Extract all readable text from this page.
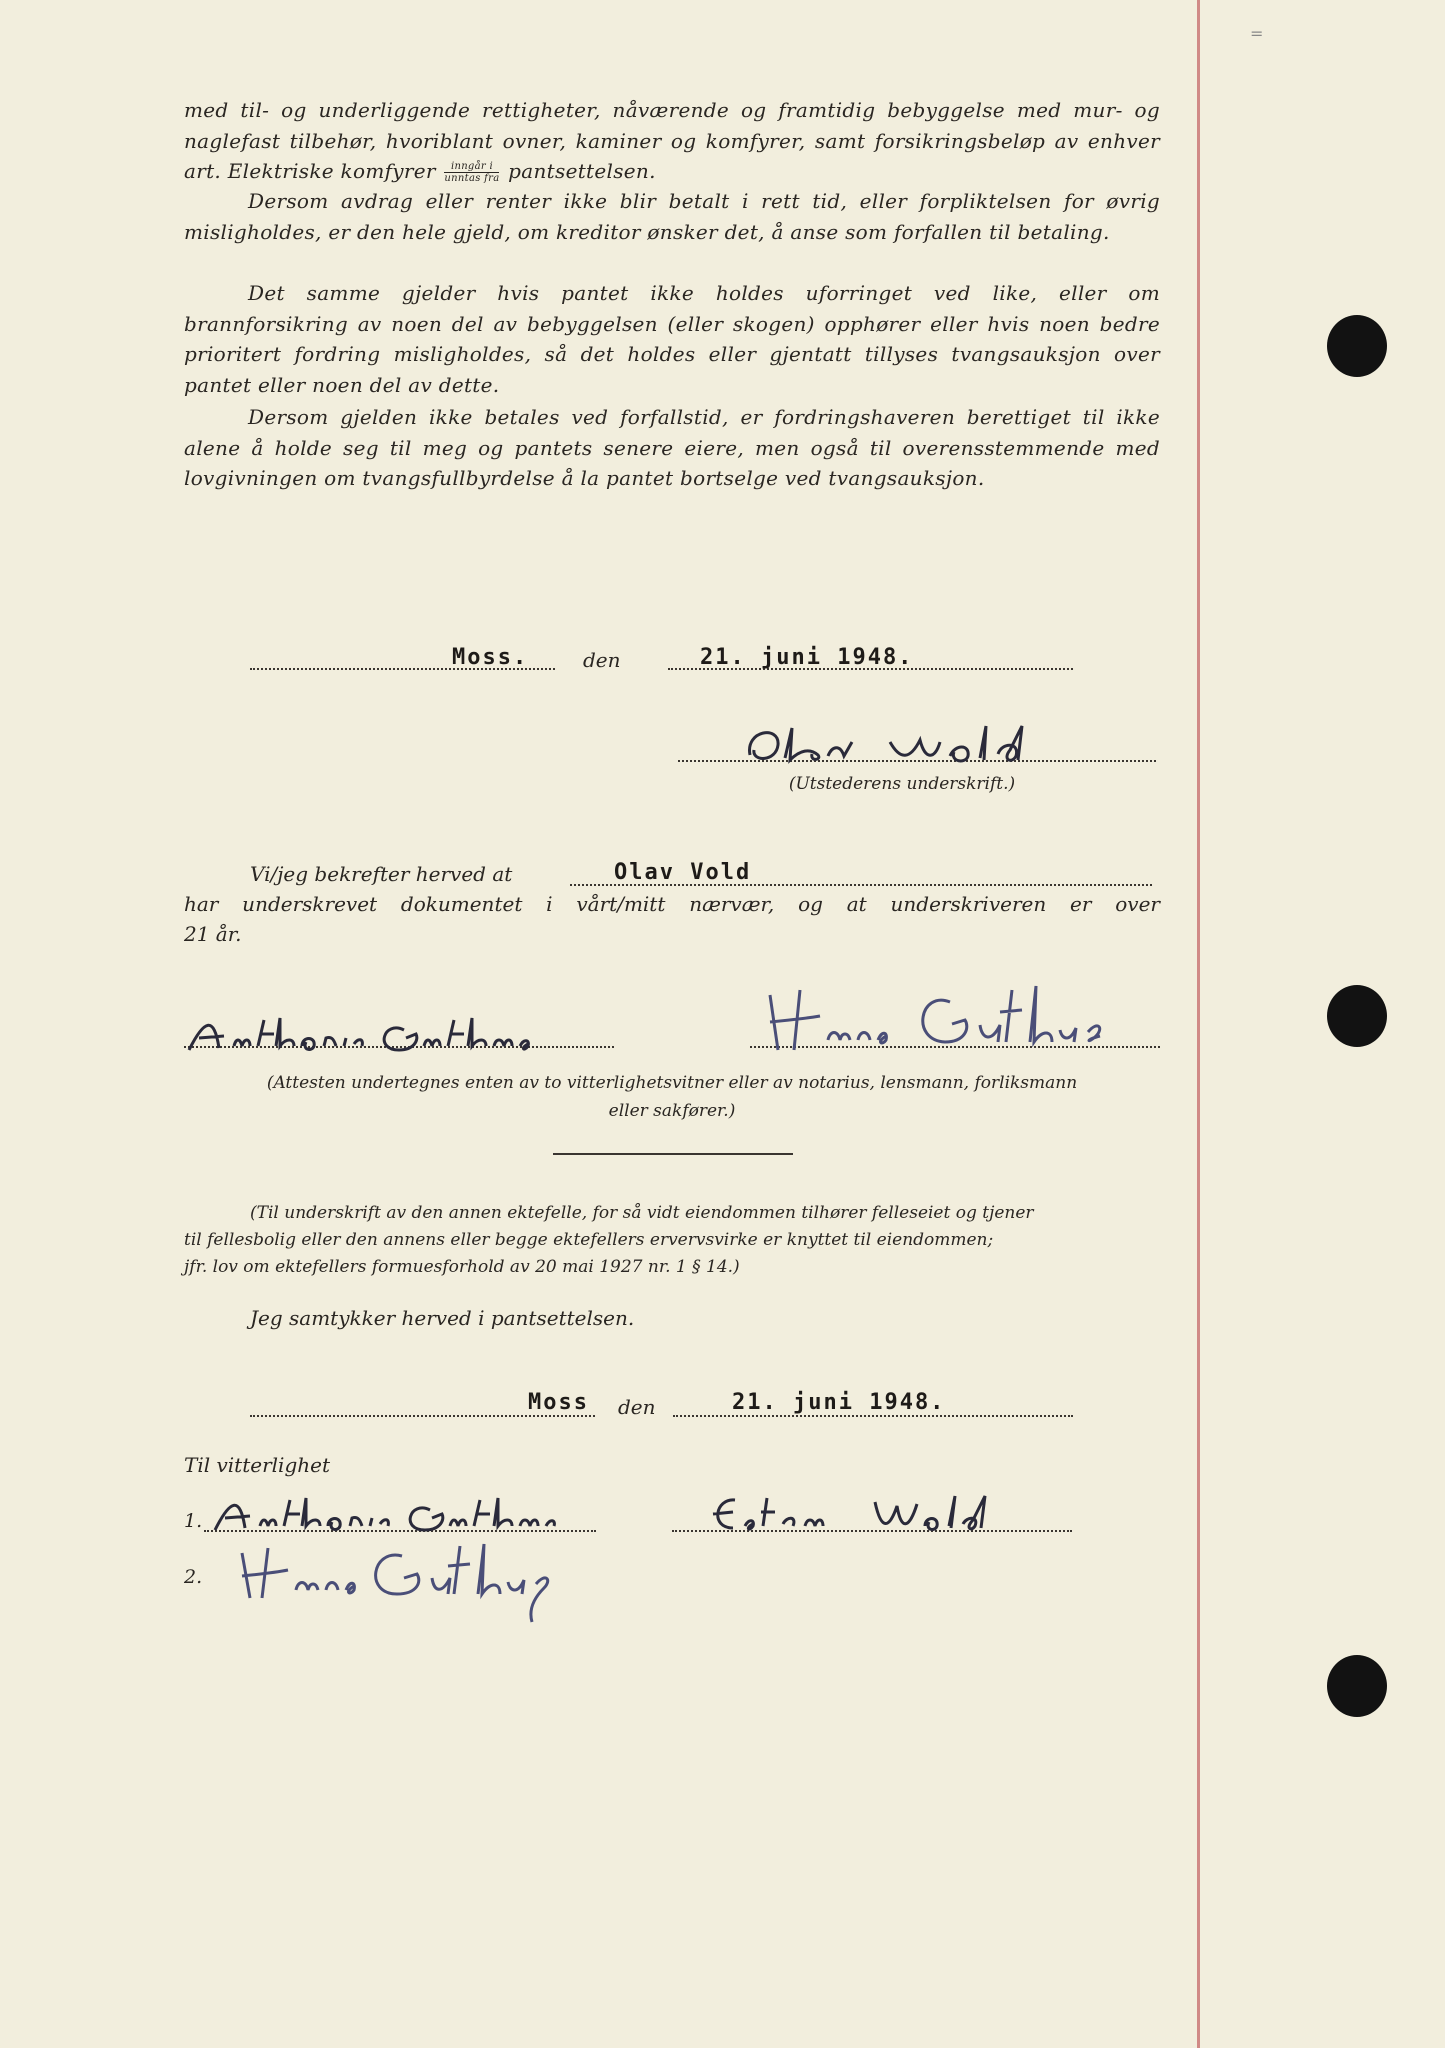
=

med til- og underliggende rettigheter, nåværende og framtidig bebyggelse med mur- og naglefast tilbehør, hvoriblant ovner, kaminer og komfyrer, samt forsikringsbeløp av enhver art. Elektriske komfyrer $\frac{\text{inngår i}}{\text{unntas fra}}$ pantsettelsen.

Dersom avdrag eller renter ikke blir betalt i rett tid, eller forpliktelsen for øvrig misligholdes, er den hele gjeld, om kreditor ønsker det, å anse som forfallen til betaling.

Det samme gjelder hvis pantet ikke holdes uforringet ved like, eller om brannforsikring av noen del av bebyggelsen (eller skogen) opphører eller hvis noen bedre prioritert fordring misligholdes, så det holdes eller gjentatt tillyses tvangsauksjon over pantet eller noen del av dette.

Dersom gjelden ikke betales ved forfallstid, er fordringshaveren berettiget til ikke alene å holde seg til meg og pantets senere eiere, men også til overensstemmende med lovgivningen om tvangsfullbyrdelse å la pantet bortselge ved tvangsauksjon.

Moss.	den	21. juni 1948.
(Utstederens underskrift.)
Vi/jeg bekrefter herved at	Olav Vold
har underskrevet dokumentet i vårt/mitt nærvær, og at underskriveren er over
21 år.
(Attesten undertegnes enten av to vitterlighetsvitner eller av notarius, lensmann, forliksmann
eller sakfører.)
(Til underskrift av den annen ektefelle, for så vidt eiendommen tilhører felleseiet og tjener
til fellesbolig eller den annens eller begge ektefellers ervervsvirke er knyttet til eiendommen;
jfr. lov om ektefellers formuesforhold av 20 mai 1927 nr. 1 § 14.)
Jeg samtykker herved i pantsettelsen.
Moss den	21. juni 1948.
Til vitterlighet
1.
2.
